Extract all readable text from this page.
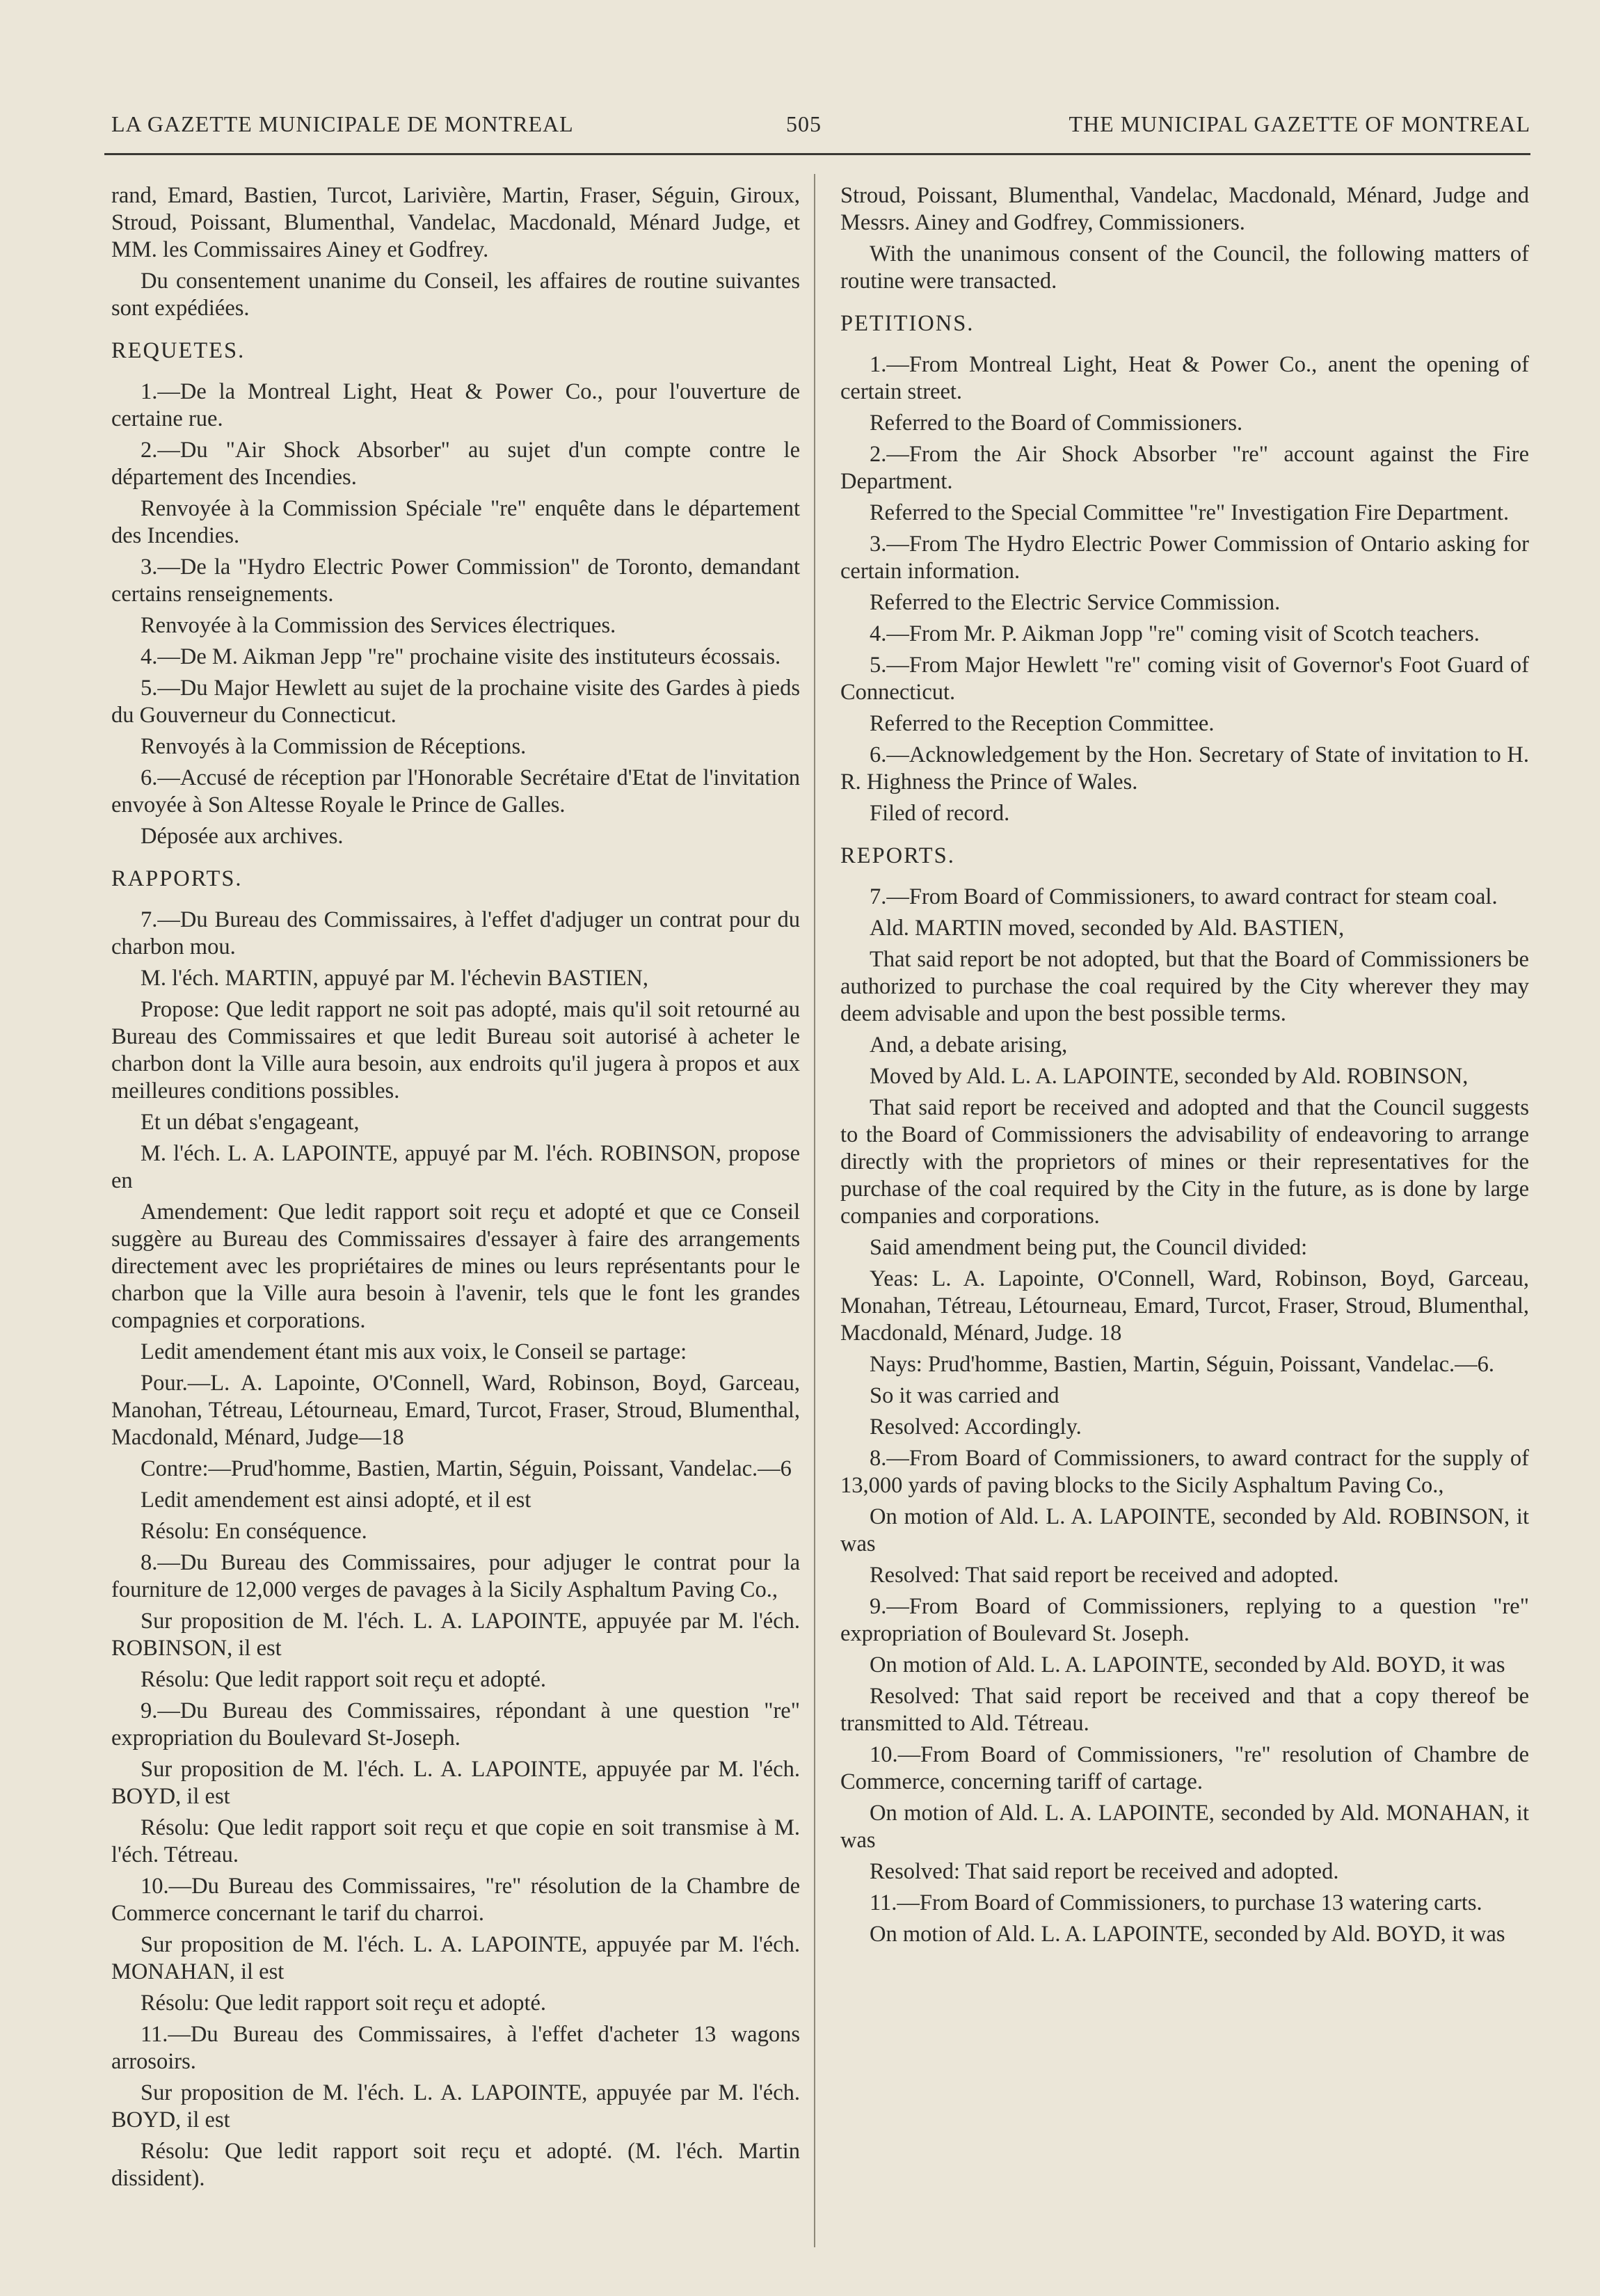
LA GAZETTE MUNICIPALE DE MONTREAL	505	THE MUNICIPAL GAZETTE OF MONTREAL

rand, Emard, Bastien, Turcot, Larivière, Martin, Fraser, Séguin, Giroux, Stroud, Poissant, Blumenthal, Vandelac, Macdonald, Ménard Judge, et MM. les Commissaires Ainey et Godfrey.

Du consentement unanime du Conseil, les affaires de routine suivantes sont expédiées.

REQUETES.

1.—De la Montreal Light, Heat & Power Co., pour l'ouverture de certaine rue.

2.—Du "Air Shock Absorber" au sujet d'un compte contre le département des Incendies.

Renvoyée à la Commission Spéciale "re" enquête dans le département des Incendies.

3.—De la "Hydro Electric Power Commission" de Toronto, demandant certains renseignements.

Renvoyée à la Commission des Services électriques.

4.—De M. Aikman Jepp "re" prochaine visite des instituteurs écossais.

5.—Du Major Hewlett au sujet de la prochaine visite des Gardes à pieds du Gouverneur du Connecticut.

Renvoyés à la Commission de Réceptions.

6.—Accusé de réception par l'Honorable Secrétaire d'Etat de l'invitation envoyée à Son Altesse Royale le Prince de Galles.

Déposée aux archives.

RAPPORTS.

7.—Du Bureau des Commissaires, à l'effet d'adjuger un contrat pour du charbon mou.

M. l'éch. MARTIN, appuyé par M. l'échevin BASTIEN,

Propose: Que ledit rapport ne soit pas adopté, mais qu'il soit retourné au Bureau des Commissaires et que ledit Bureau soit autorisé à acheter le charbon dont la Ville aura besoin, aux endroits qu'il jugera à propos et aux meilleures conditions possibles.

Et un débat s'engageant,

M. l'éch. L. A. LAPOINTE, appuyé par M. l'éch. ROBINSON, propose en

Amendement: Que ledit rapport soit reçu et adopté et que ce Conseil suggère au Bureau des Commissaires d'essayer à faire des arrangements directement avec les propriétaires de mines ou leurs représentants pour le charbon que la Ville aura besoin à l'avenir, tels que le font les grandes compagnies et corporations.

Ledit amendement étant mis aux voix, le Conseil se partage:

Pour.—L. A. Lapointe, O'Connell, Ward, Robinson, Boyd, Garceau, Manohan, Tétreau, Létourneau, Emard, Turcot, Fraser, Stroud, Blumenthal, Macdonald, Ménard, Judge—18

Contre:—Prud'homme, Bastien, Martin, Séguin, Poissant, Vandelac.—6

Ledit amendement est ainsi adopté, et il est

Résolu: En conséquence.

8.—Du Bureau des Commissaires, pour adjuger le contrat pour la fourniture de 12,000 verges de pavages à la Sicily Asphaltum Paving Co.,

Sur proposition de M. l'éch. L. A. LAPOINTE, appuyée par M. l'éch. ROBINSON, il est

Résolu: Que ledit rapport soit reçu et adopté.

9.—Du Bureau des Commissaires, répondant à une question "re" expropriation du Boulevard St-Joseph.

Sur proposition de M. l'éch. L. A. LAPOINTE, appuyée par M. l'éch. BOYD, il est

Résolu: Que ledit rapport soit reçu et que copie en soit transmise à M. l'éch. Tétreau.

10.—Du Bureau des Commissaires, "re" résolution de la Chambre de Commerce concernant le tarif du charroi.

Sur proposition de M. l'éch. L. A. LAPOINTE, appuyée par M. l'éch. MONAHAN, il est

Résolu: Que ledit rapport soit reçu et adopté.

11.—Du Bureau des Commissaires, à l'effet d'acheter 13 wagons arrosoirs.

Sur proposition de M. l'éch. L. A. LAPOINTE, appuyée par M. l'éch. BOYD, il est

Résolu: Que ledit rapport soit reçu et adopté. (M. l'éch. Martin dissident).

Stroud, Poissant, Blumenthal, Vandelac, Macdonald, Ménard, Judge and Messrs. Ainey and Godfrey, Commissioners.

With the unanimous consent of the Council, the following matters of routine were transacted.

PETITIONS.

1.—From Montreal Light, Heat & Power Co., anent the opening of certain street.

Referred to the Board of Commissioners.

2.—From the Air Shock Absorber "re" account against the Fire Department.

Referred to the Special Committee "re" Investigation Fire Department.

3.—From The Hydro Electric Power Commission of Ontario asking for certain information.

Referred to the Electric Service Commission.

4.—From Mr. P. Aikman Jopp "re" coming visit of Scotch teachers.

5.—From Major Hewlett "re" coming visit of Governor's Foot Guard of Connecticut.

Referred to the Reception Committee.

6.—Acknowledgement by the Hon. Secretary of State of invitation to H. R. Highness the Prince of Wales.

Filed of record.

REPORTS.

7.—From Board of Commissioners, to award contract for steam coal.

Ald. MARTIN moved, seconded by Ald. BASTIEN,

That said report be not adopted, but that the Board of Commissioners be authorized to purchase the coal required by the City wherever they may deem advisable and upon the best possible terms.

And, a debate arising,

Moved by Ald. L. A. LAPOINTE, seconded by Ald. ROBINSON,

That said report be received and adopted and that the Council suggests to the Board of Commissioners the advisability of endeavoring to arrange directly with the proprietors of mines or their representatives for the purchase of the coal required by the City in the future, as is done by large companies and corporations.

Said amendment being put, the Council divided:

Yeas: L. A. Lapointe, O'Connell, Ward, Robinson, Boyd, Garceau, Monahan, Tétreau, Létourneau, Emard, Turcot, Fraser, Stroud, Blumenthal, Macdonald, Ménard, Judge. 18

Nays: Prud'homme, Bastien, Martin, Séguin, Poissant, Vandelac.—6.

So it was carried and

Resolved: Accordingly.

8.—From Board of Commissioners, to award contract for the supply of 13,000 yards of paving blocks to the Sicily Asphaltum Paving Co.,

On motion of Ald. L. A. LAPOINTE, seconded by Ald. ROBINSON, it was

Resolved: That said report be received and adopted.

9.—From Board of Commissioners, replying to a question "re" expropriation of Boulevard St. Joseph.

On motion of Ald. L. A. LAPOINTE, seconded by Ald. BOYD, it was

Resolved: That said report be received and that a copy thereof be transmitted to Ald. Tétreau.

10.—From Board of Commissioners, "re" resolution of Chambre de Commerce, concerning tariff of cartage.

On motion of Ald. L. A. LAPOINTE, seconded by Ald. MONAHAN, it was

Resolved: That said report be received and adopted.

11.—From Board of Commissioners, to purchase 13 watering carts.

On motion of Ald. L. A. LAPOINTE, seconded by Ald. BOYD, it was
